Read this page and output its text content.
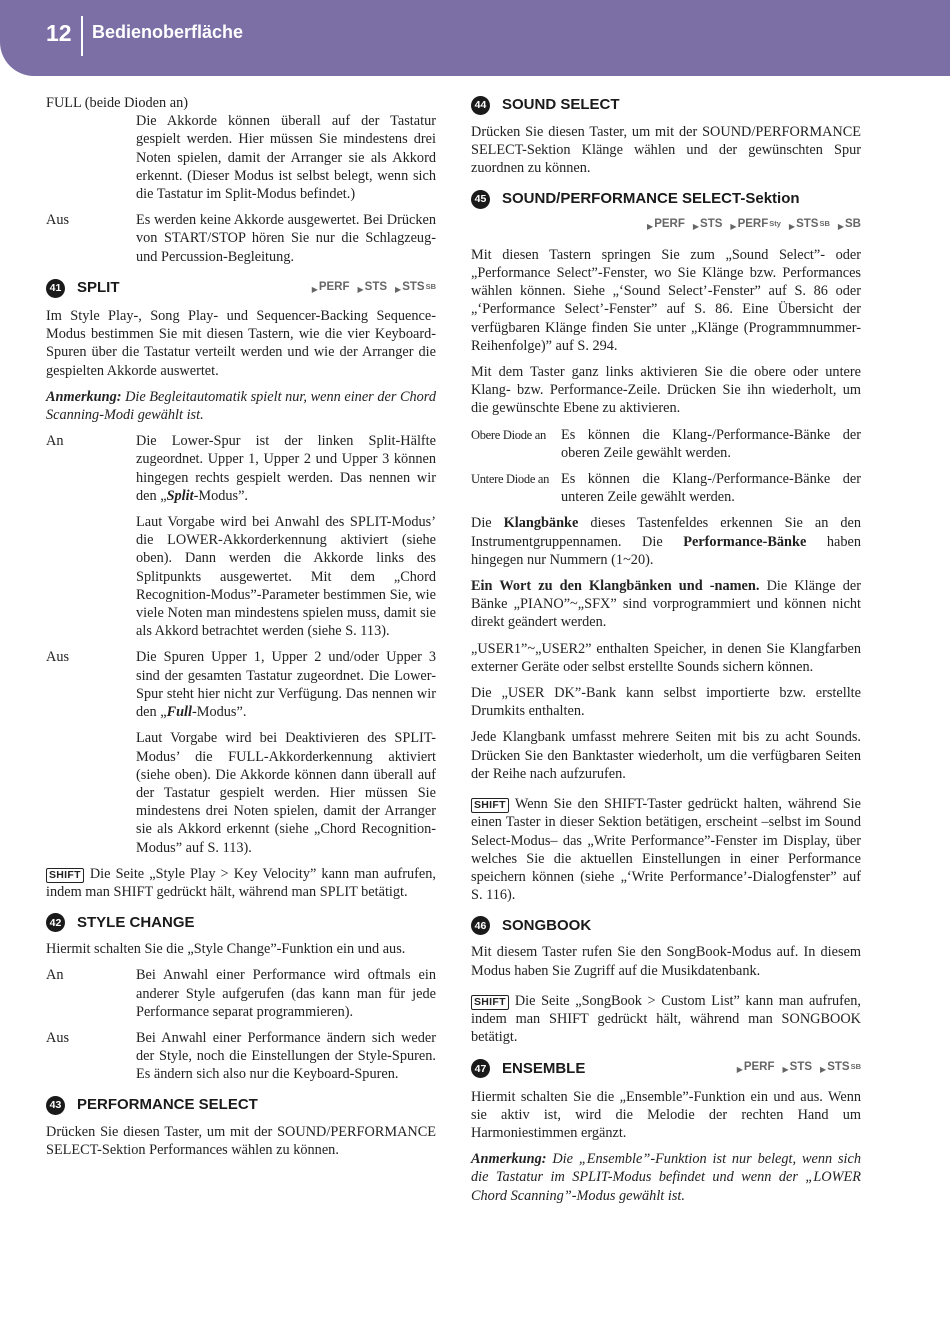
12 Bedienoberfläche

FULL (beide Dioden an)

Die Akkorde können überall auf der Tastatur gespielt werden. Hier müssen Sie mindestens drei Noten spielen, damit der Arranger sie als Akkord erkennt. (Dieser Modus ist selbst belegt, wenn sich die Tastatur im Split-Modus befindet.)

Aus	Es werden keine Akkorde ausgewertet. Bei Drücken von START/STOP hören Sie nur die Schlagzeug- und Percussion-Begleitung.
41 SPLIT	▶ PERF ▶ STS ▶ STS SB

Im Style Play-, Song Play- und Sequencer-Backing Sequence-Modus bestimmen Sie mit diesen Tastern, wie die vier Keyboard-Spuren über die Tastatur verteilt werden und wie der Arranger die gespielten Akkorde auswertet.

Anmerkung: Die Begleitautomatik spielt nur, wenn einer der Chord Scanning-Modi gewählt ist.

An	Die Lower-Spur ist der linken Split-Hälfte zugeordnet. Upper 1, Upper 2 und Upper 3 können hingegen rechts gespielt werden. Das nennen wir den „Split-Modus”.

Laut Vorgabe wird bei Anwahl des SPLIT-Modus’ die LOWER-Akkorderkennung aktiviert (siehe oben). Dann werden die Akkorde links des Splitpunkts ausgewertet. Mit dem „Chord Recognition-Modus”-Parameter bestimmen Sie, wie viele Noten man mindestens spielen muss, damit sie als Akkord betrachtet werden (siehe S. 113).

Aus	Die Spuren Upper 1, Upper 2 und/oder Upper 3 sind der gesamten Tastatur zugeordnet. Die Lower-Spur steht hier nicht zur Verfügung. Das nennen wir den „Full-Modus”.

Laut Vorgabe wird bei Deaktivieren des SPLIT-Modus’ die FULL-Akkorderkennung aktiviert (siehe oben). Die Akkorde können dann überall auf der Tastatur gespielt werden. Hier müssen Sie mindestens drei Noten spielen, damit der Arranger sie als Akkord erkennt (siehe „Chord Recognition-Modus” auf S. 113).

SHIFT Die Seite „Style Play > Key Velocity” kann man aufrufen, indem man SHIFT gedrückt hält, während man SPLIT betätigt.

42 STYLE CHANGE

Hiermit schalten Sie die „Style Change”-Funktion ein und aus.

An	Bei Anwahl einer Performance wird oftmals ein anderer Style aufgerufen (das kann man für jede Performance separat programmieren).
Aus	Bei Anwahl einer Performance ändern sich weder der Style, noch die Einstellungen der Style-Spuren. Es ändern sich also nur die Keyboard-Spuren.
43 PERFORMANCE SELECT

Drücken Sie diesen Taster, um mit der SOUND/PERFORMANCE SELECT-Sektion Performances wählen zu können.

44 SOUND SELECT

Drücken Sie diesen Taster, um mit der SOUND/PERFORMANCE SELECT-Sektion Klänge wählen und der gewünschten Spur zuordnen zu können.

45 SOUND/PERFORMANCE SELECT-Sektion
▶ PERF ▶ STS ▶ PERF Sty ▶ STS SB ▶ SB

Mit diesen Tastern springen Sie zum „Sound Select”- oder „Performance Select”-Fenster, wo Sie Klänge bzw. Performances wählen können. Siehe „‘Sound Select’-Fenster” auf S. 86 oder „‘Performance Select’-Fenster” auf S. 86. Eine Übersicht der verfügbaren Klänge finden Sie unter „Klänge (Programmnummer-Reihenfolge)” auf S. 294.

Mit dem Taster ganz links aktivieren Sie die obere oder untere Klang- bzw. Performance-Zeile. Drücken Sie ihn wiederholt, um die gewünschte Ebene zu aktivieren.

Obere Diode an	Es können die Klang-/Performance-Bänke der oberen Zeile gewählt werden.
Untere Diode an Es können die Klang-/Performance-Bänke der unteren Zeile gewählt werden.

Die Klangbänke dieses Tastenfeldes erkennen Sie an den Instrumentgruppennamen. Die Performance-Bänke haben hingegen nur Nummern (1~20).

Ein Wort zu den Klangbänken und -namen. Die Klänge der Bänke „PIANO”~„SFX” sind vorprogrammiert und können nicht direkt geändert werden.

„USER1”~„USER2” enthalten Speicher, in denen Sie Klangfarben externer Geräte oder selbst erstellte Sounds sichern können.

Die „USER DK”-Bank kann selbst importierte bzw. erstellte Drumkits enthalten.

Jede Klangbank umfasst mehrere Seiten mit bis zu acht Sounds. Drücken Sie den Banktaster wiederholt, um die verfügbaren Seiten der Reihe nach aufzurufen.

SHIFT Wenn Sie den SHIFT-Taster gedrückt halten, während Sie einen Taster in dieser Sektion betätigen, erscheint –selbst im Sound Select-Modus– das „Write Performance”-Fenster im Display, über welches Sie die aktuellen Einstellungen in einer Performance speichern können (siehe „‘Write Performance’-Dialogfenster” auf S. 116).

46 SONGBOOK

Mit diesem Taster rufen Sie den SongBook-Modus auf. In diesem Modus haben Sie Zugriff auf die Musikdatenbank.

SHIFT Die Seite „SongBook > Custom List” kann man aufrufen, indem man SHIFT gedrückt hält, während man SONGBOOK betätigt.

47 ENSEMBLE	▶ PERF ▶ STS ▶ STS SB

Hiermit schalten Sie die „Ensemble”-Funktion ein und aus. Wenn sie aktiv ist, wird die Melodie der rechten Hand um Harmoniestimmen ergänzt.

Anmerkung: Die „Ensemble”-Funktion ist nur belegt, wenn sich die Tastatur im SPLIT-Modus befindet und wenn der „LOWER Chord Scanning”-Modus gewählt ist.
